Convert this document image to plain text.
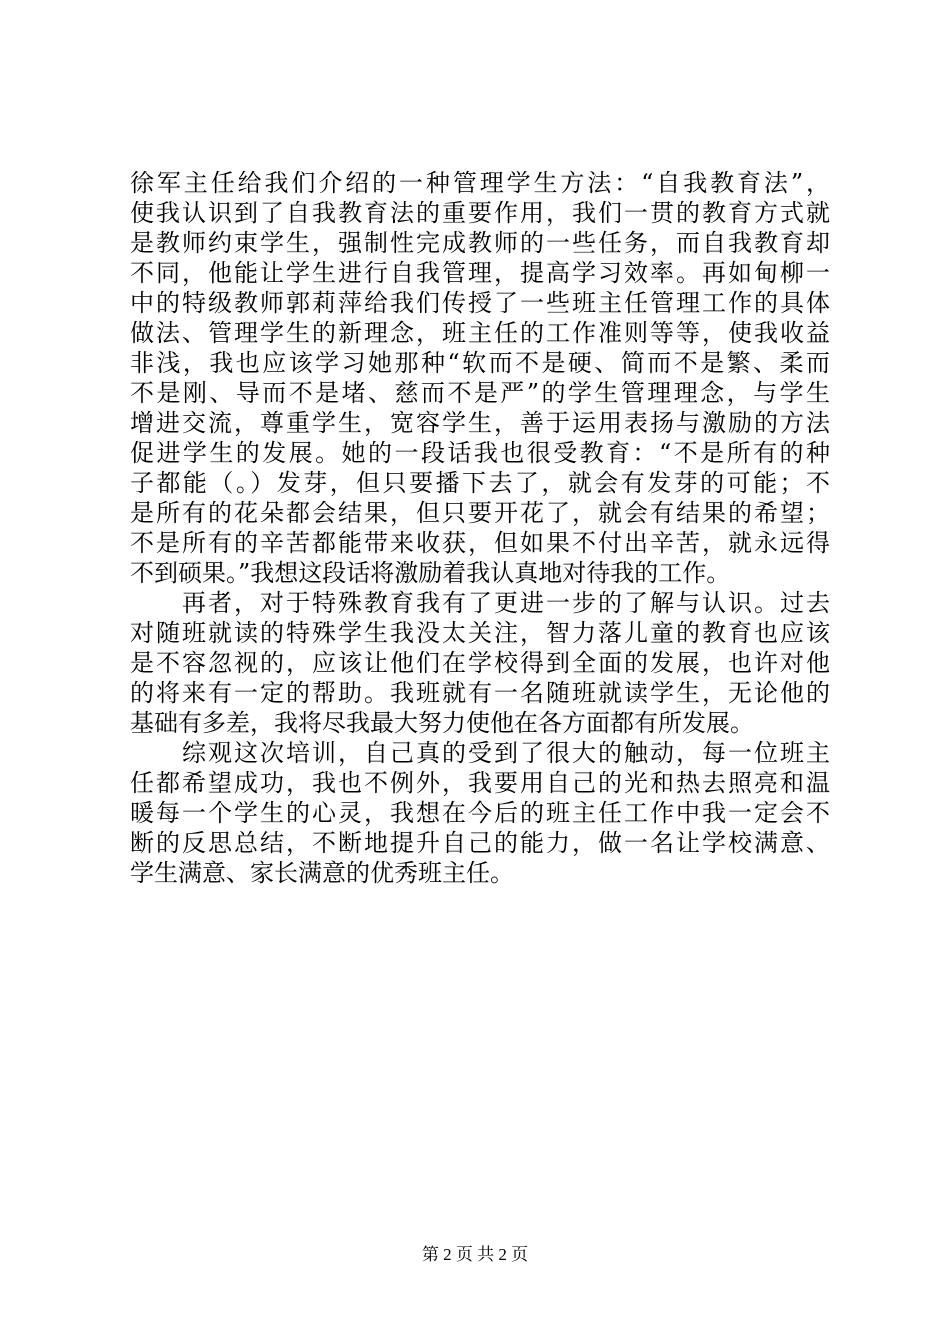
徐军主任给我们介绍的一种管理学生方法：“自我教育法”，
使我认识到了自我教育法的重要作用，我们一贯的教育方式就
是教师约束学生，强制性完成教师的一些任务，而自我教育却
不同，他能让学生进行自我管理，提高学习效率。再如甸柳一
中的特级教师郭莉萍给我们传授了一些班主任管理工作的具体
做法、管理学生的新理念，班主任的工作准则等等，使我收益
非浅，我也应该学习她那种“软而不是硬、简而不是繁、柔而
不是刚、导而不是堵、慈而不是严”的学生管理理念，与学生
增进交流，尊重学生，宽容学生，善于运用表扬与激励的方法
促进学生的发展。她的一段话我也很受教育：“不是所有的种
子都能（。）发芽，但只要播下去了，就会有发芽的可能；不
是所有的花朵都会结果，但只要开花了，就会有结果的希望；
不是所有的辛苦都能带来收获，但如果不付出辛苦，就永远得
不到硕果。”我想这段话将激励着我认真地对待我的工作。
　　再者，对于特殊教育我有了更进一步的了解与认识。过去
对随班就读的特殊学生我没太关注，智力落儿童的教育也应该
是不容忽视的，应该让他们在学校得到全面的发展，也许对他
的将来有一定的帮助。我班就有一名随班就读学生，无论他的
基础有多差，我将尽我最大努力使他在各方面都有所发展。
　　综观这次培训，自己真的受到了很大的触动，每一位班主
任都希望成功，我也不例外，我要用自己的光和热去照亮和温
暖每一个学生的心灵，我想在今后的班主任工作中我一定会不
断的反思总结，不断地提升自己的能力，做一名让学校满意、
学生满意、家长满意的优秀班主任。
第 2 页 共 2 页
